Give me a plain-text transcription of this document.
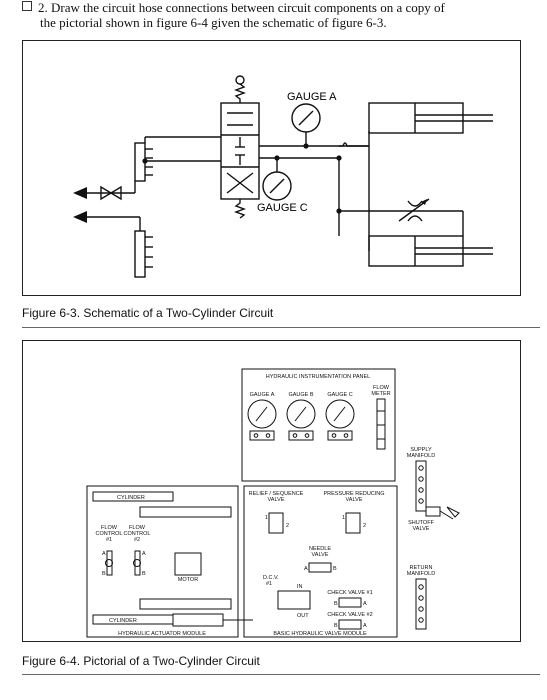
2. Draw the circuit hose connections between circuit components on a copy of
the pictorial shown in figure 6-4 given the schematic of figure 6-3.
GAUGE A
GAUGE C
Figure 6-3. Schematic of a Two-Cylinder Circuit
HYDRAULIC INSTRUMENTATION PANEL
GAUGE A	GAUGE B	GAUGE C
FLOW
METER
SUPPLY
MANIFOLD
SHUTOFF
VALVE
RETURN
MANIFOLD
CYLINDER
FLOW
CONTROL
#1
FLOW
CONTROL
#2
MOTOR
CYLINDER
HYDRAULIC ACTUATOR MODULE
RELIEF / SEQUENCE
VALVE
PRESSURE REDUCING
VALVE
NEEDLE
VALVE
D.C.V.
#1
CHECK VALVE #1
CHECK VALVE #2
BASIC HYDRAULIC VALVE MODULE
1
2
1
2
A	B
IN
OUT
B	A
B	A
A
B
A
B
Figure 6-4. Pictorial of a Two-Cylinder Circuit
